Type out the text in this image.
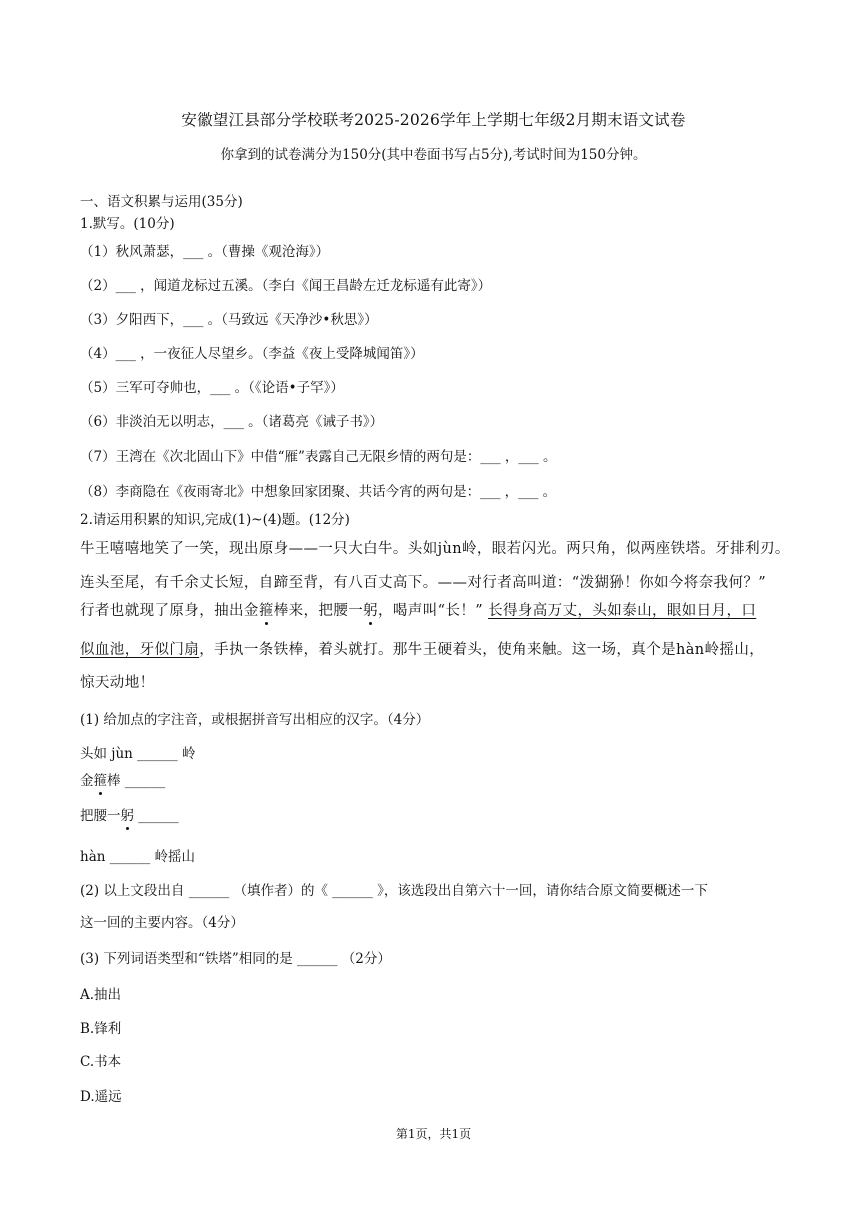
安徽望江县部分学校联考2025-2026学年上学期七年级2月期末语文试卷
你拿到的试卷满分为150分(其中卷面书写占5分),考试时间为150分钟。
一、语文积累与运用(35分)
1.默写。(10分)
（1）秋风萧瑟，___ 。（曹操《观沧海》）
（2）___ ，闻道龙标过五溪。（李白《闻王昌龄左迁龙标遥有此寄》）
（3）夕阳西下，___ 。（马致远《天净沙•秋思》）
（4）___ ，一夜征人尽望乡。（李益《夜上受降城闻笛》）
（5）三军可夺帅也，___ 。（《论语•子罕》）
（6）非淡泊无以明志，___ 。（诸葛亮《诫子书》）
（7）王湾在《次北固山下》中借“雁”表露自己无限乡情的两句是：___ ，___ 。
（8）李商隐在《夜雨寄北》中想象回家团聚、共话今宵的两句是：___ ，___ 。
2.请运用积累的知识,完成(1)~(4)题。(12分)
牛王嘻嘻地笑了一笑，现出原身——一只大白牛。头如jùn岭，眼若闪光。两只角，似两座铁塔。牙排利刃。
连头至尾，有千余丈长短，自蹄至背，有八百丈高下。——对行者高叫道：“泼猢狲！你如今将奈我何？”
行者也就现了原身，抽出金箍棒来，把腰一躬，喝声叫“长！” 长得身高万丈，头如泰山，眼如日月，口
似血池，牙似门扇，手执一条铁棒，着头就打。那牛王硬着头，使角来触。这一场，真个是hàn岭摇山，
惊天动地！
(1) 给加点的字注音，或根据拼音写出相应的汉字。（4分）
头如 jùn ______ 岭
金箍棒 ______
把腰一躬 ______
hàn ______ 岭摇山
(2) 以上文段出自 ______ （填作者）的《 ______ 》，该选段出自第六十一回，请你结合原文简要概述一下
这一回的主要内容。（4分）
(3) 下列词语类型和“铁塔”相同的是 ______ （2分）
A.抽出
B.锋利
C.书本
D.遥远
第1页，共1页
